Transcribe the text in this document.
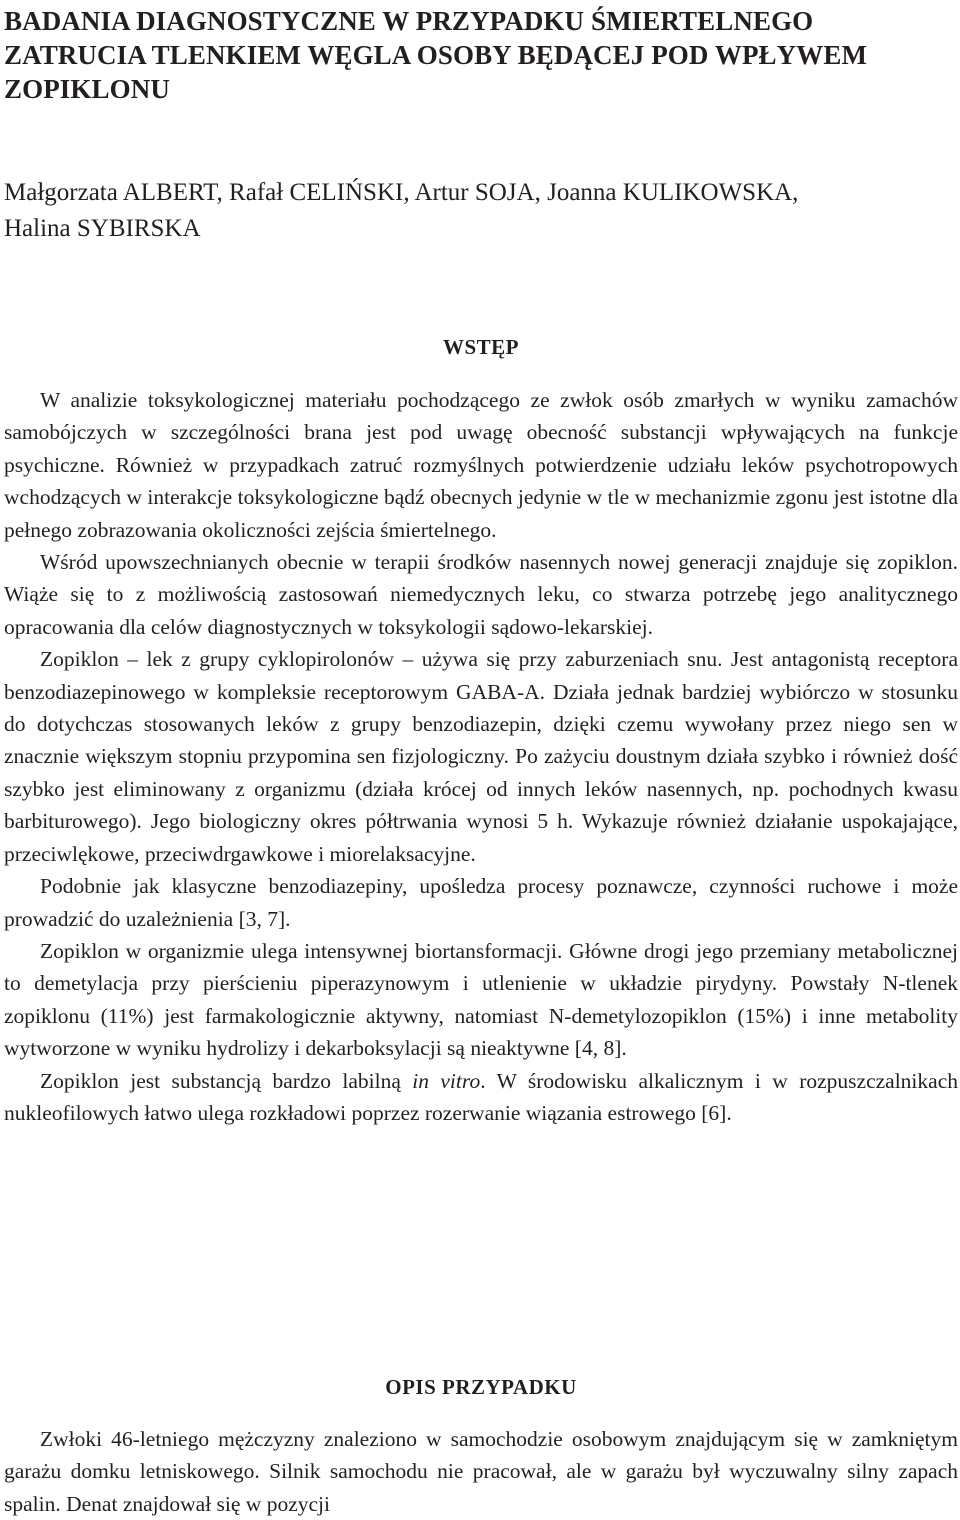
BADANIA DIAGNOSTYCZNE W PRZYPADKU ŚMIERTELNEGO
ZATRUCIA TLENKIEM WĘGLA OSOBY BĘDĄCEJ POD WPŁYWEM
ZOPIKLONU
Małgorzata ALBERT, Rafał CELIŃSKI, Artur SOJA, Joanna KULIKOWSKA,
Halina SYBIRSKA
WSTĘP

W analizie toksykologicznej materiału pochodzącego ze zwłok osób zmarłych w wyniku zamachów samobójczych w szczególności brana jest pod uwagę obecność substancji wpływających na funkcje psychiczne. Również w przypadkach zatruć rozmyślnych potwierdzenie udziału leków psychotropowych wchodzących w interakcje toksykologiczne bądź obecnych jedynie w tle w mechanizmie zgonu jest istotne dla pełnego zobrazowania okoliczności zejścia śmiertelnego.

Wśród upowszechnianych obecnie w terapii środków nasennych nowej generacji znajduje się zopiklon. Wiąże się to z możliwością zastosowań niemedycznych leku, co stwarza potrzebę jego analitycznego opracowania dla celów diagnostycznych w toksykologii sądowo-lekarskiej.

Zopiklon – lek z grupy cyklopirolonów – używa się przy zaburzeniach snu. Jest antagonistą receptora benzodiazepinowego w kompleksie receptorowym GABA-A. Działa jednak bardziej wybiórczo w stosunku do dotychczas stosowanych leków z grupy benzodiazepin, dzięki czemu wywołany przez niego sen w znacznie większym stopniu przypomina sen fizjologiczny. Po zażyciu doustnym działa szybko i również dość szybko jest eliminowany z organizmu (działa krócej od innych leków nasennych, np. pochodnych kwasu barbiturowego). Jego biologiczny okres półtrwania wynosi 5 h. Wykazuje również działanie uspokajające, przeciwlękowe, przeciwdrgawkowe i miorelaksacyjne.

Podobnie jak klasyczne benzodiazepiny, upośledza procesy poznawcze, czynności ruchowe i może prowadzić do uzależnienia [3, 7].

Zopiklon w organizmie ulega intensywnej biortansformacji. Główne drogi jego przemiany metabolicznej to demetylacja przy pierścieniu piperazynowym i utlenienie w układzie pirydyny. Powstały N-tlenek zopiklonu (11%) jest farmakologicznie aktywny, natomiast N-demetylozopiklon (15%) i inne metabolity wytworzone w wyniku hydrolizy i dekarboksylacji są nieaktywne [4, 8].

Zopiklon jest substancją bardzo labilną in vitro. W środowisku alkalicznym i w rozpuszczalnikach nukleofilowych łatwo ulega rozkładowi poprzez rozerwanie wiązania estrowego [6].

OPIS PRZYPADKU

Zwłoki 46-letniego mężczyzny znaleziono w samochodzie osobowym znajdującym się w zamkniętym garażu domku letniskowego. Silnik samochodu nie pracował, ale w garażu był wyczuwalny silny zapach spalin. Denat znajdował się w pozycji
